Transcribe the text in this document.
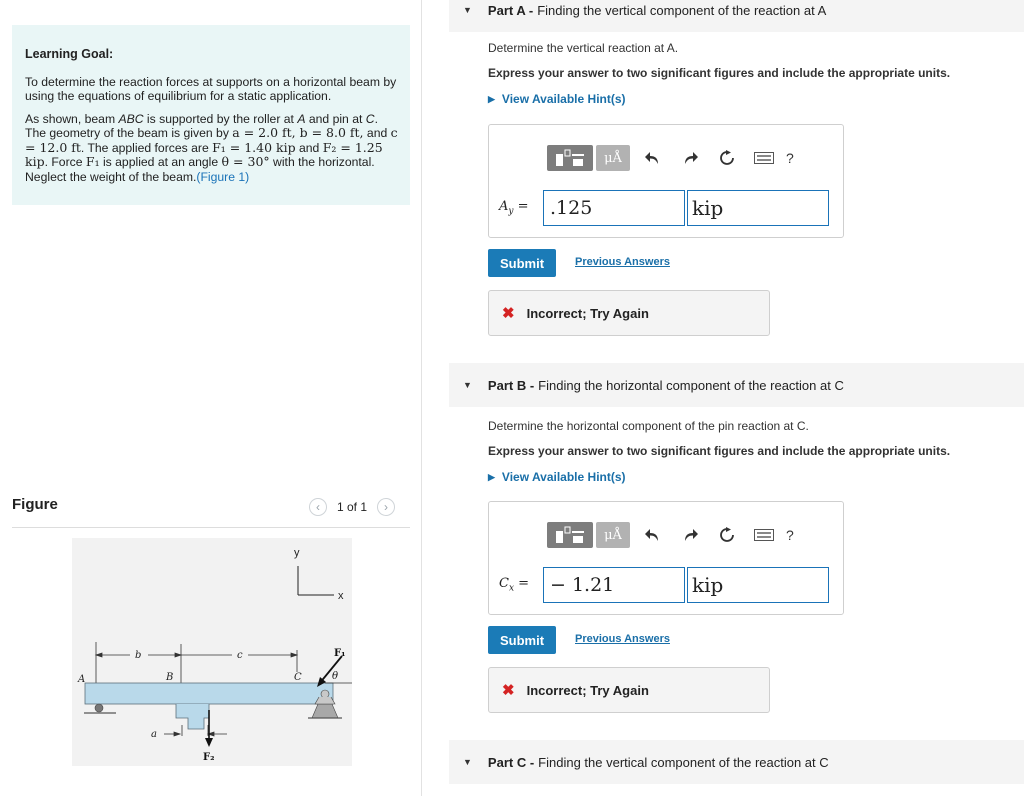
Learning Goal:

To determine the reaction forces at supports on a horizontal beam by using the equations of equilibrium for a static application.

As shown, beam ABC is supported by the roller at A and pin at C. The geometry of the beam is given by a = 2.0 ft, b = 8.0 ft, and c = 12.0 ft. The applied forces are F₁ = 1.40 kip and F₂ = 1.25 kip. Force F₁ is applied at an angle θ = 30° with the horizontal. Neglect the weight of the beam.(Figure 1)

Figure	‹ 1 of 1 ›
y
x
b	c
a
F₁
θ
F₂
A	B	C
▼ Part A - Finding the vertical component of the reaction at A
Determine the vertical reaction at A.
Express your answer to two significant figures and include the appropriate units.
▶ View Available Hint(s)
μÅ	?
$A_y$ =	.125	kip
Submit	Previous Answers
✖ Incorrect; Try Again
▼ Part B - Finding the horizontal component of the reaction at C
Determine the horizontal component of the pin reaction at C.
Express your answer to two significant figures and include the appropriate units.
▶ View Available Hint(s)
μÅ	?
$C_x$ =	− 1.21	kip
Submit	Previous Answers
✖ Incorrect; Try Again
▼ Part C - Finding the vertical component of the reaction at C
